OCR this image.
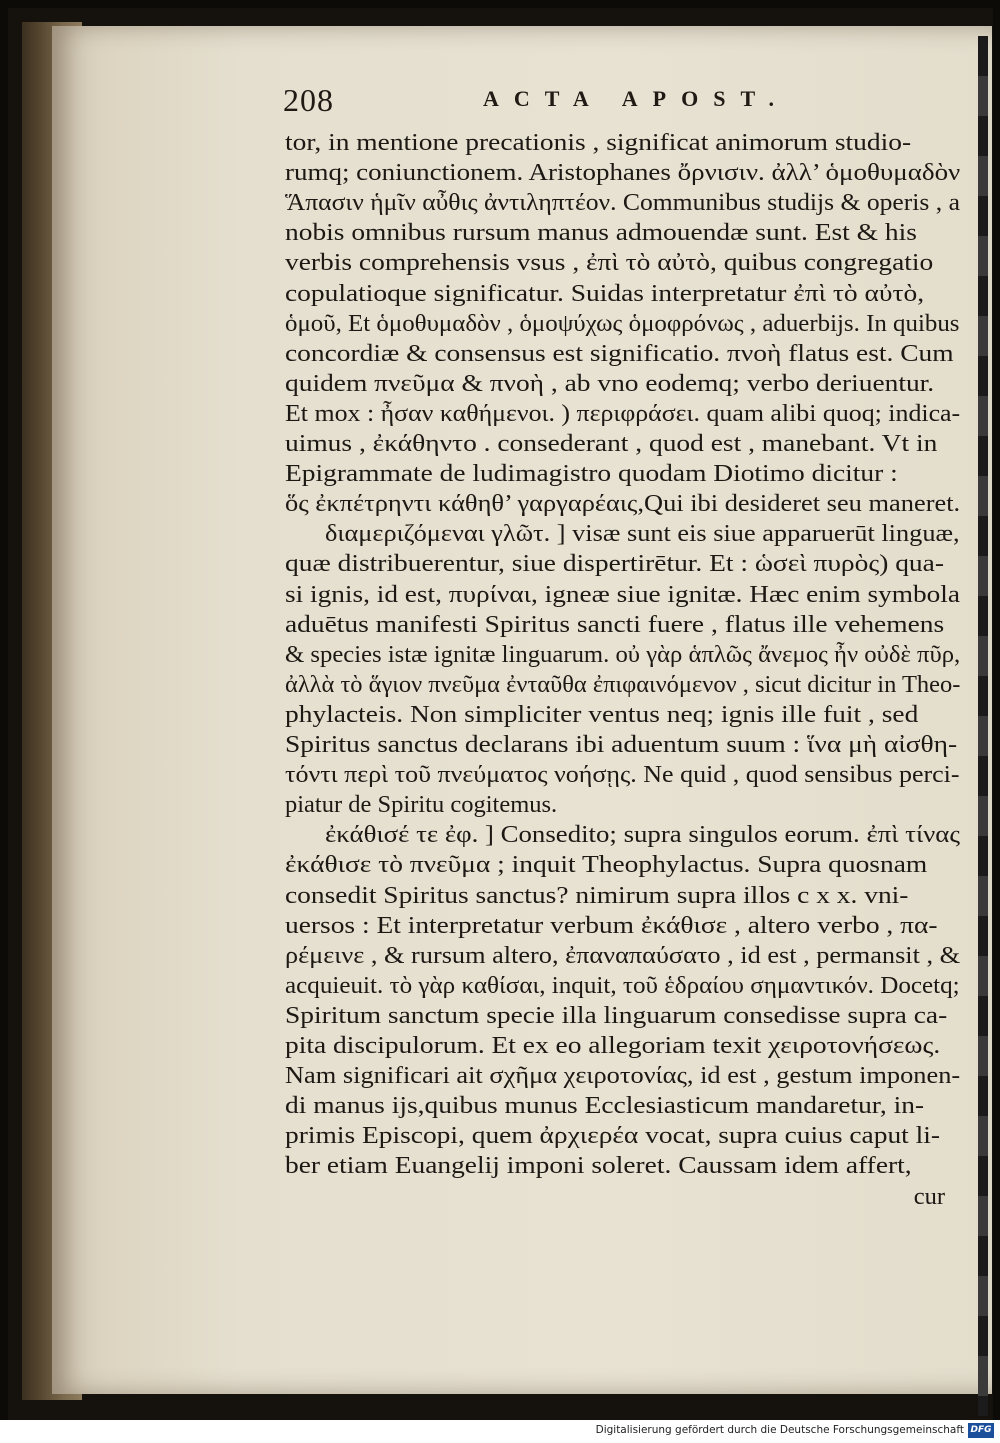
208	ACTA APOST.
tor, in mentione precationis , significat animorum studio-
rumq; coniunctionem. Aristophanes ὄρνισιν. ἀλλ’ ὁμοθυμαδὸν
Ἅπασιν ἡμῖν αὖθις ἀντιληπτέον. Communibus studijs & operis , a
nobis omnibus rursum manus admouendæ sunt. Est & his
verbis comprehensis vsus , ἐπὶ τὸ αὐτὸ, quibus congregatio
copulatioque significatur. Suidas interpretatur ἐπὶ τὸ αὐτὸ,
ὁμοῦ, Et ὁμοθυμαδὸν , ὁμοψύχως ὁμοφρόνως , aduerbijs. In quibus
concordiæ & consensus est significatio. πνοὴ flatus est. Cum
quidem πνεῦμα & πνοὴ , ab vno eodemq; verbo deriuentur.
Et mox : ἦσαν καθήμενοι. ) περιφράσει. quam alibi quoq; indica-
uimus , ἐκάθηντο . consederant , quod est , manebant. Vt in
Epigrammate de ludimagistro quodam Diotimo dicitur :
ὅς ἐκπέτρηντι κάθηθ’ γαργαρέαις,Qui ibi desideret seu maneret.
διαμεριζόμεναι γλῶτ. ] visæ sunt eis siue apparuerūt linguæ,
quæ distribuerentur, siue dispertirētur. Et : ὡσεὶ πυρὸς) qua-
si ignis, id est, πυρίναι, igneæ siue ignitæ. Hæc enim symbola
aduētus manifesti Spiritus sancti fuere , flatus ille vehemens
& species istæ ignitæ linguarum. οὐ γὰρ ἁπλῶς ἄνεμος ἦν οὐδὲ πῦρ,
ἀλλὰ τὸ ἅγιον πνεῦμα ἐνταῦθα ἐπιφαινόμενον , sicut dicitur in Theo-
phylacteis. Non simpliciter ventus neq; ignis ille fuit , sed
Spiritus sanctus declarans ibi aduentum suum : ἵνα μὴ αἰσθη-
τόντι περὶ τοῦ πνεύματος νοήσῃς. Ne quid , quod sensibus perci-
piatur de Spiritu cogitemus.
ἐκάθισέ τε ἐφ. ] Consedito; supra singulos eorum. ἐπὶ τίνας
ἐκάθισε τὸ πνεῦμα ; inquit Theophylactus. Supra quosnam
consedit Spiritus sanctus? nimirum supra illos c x x. vni-
uersos : Et interpretatur verbum ἐκάθισε , altero verbo , πα-
ρέμεινε , & rursum altero, ἐπαναπαύσατο , id est , permansit , &
acquieuit. τὸ γὰρ καθίσαι, inquit, τοῦ ἑδραίου σημαντικόν. Docetq;
Spiritum sanctum specie illa linguarum consedisse supra ca-
pita discipulorum. Et ex eo allegoriam texit χειροτονήσεως.
Nam significari ait σχῆμα χειροτονίας, id est , gestum imponen-
di manus ijs,quibus munus Ecclesiasticum mandaretur, in-
primis Episcopi, quem ἀρχιερέα vocat, supra cuius caput li-
ber etiam Euangelij imponi soleret. Caussam idem affert,
cur
Digitalisierung gefördert durch die Deutsche Forschungsgemeinschaft DFG
